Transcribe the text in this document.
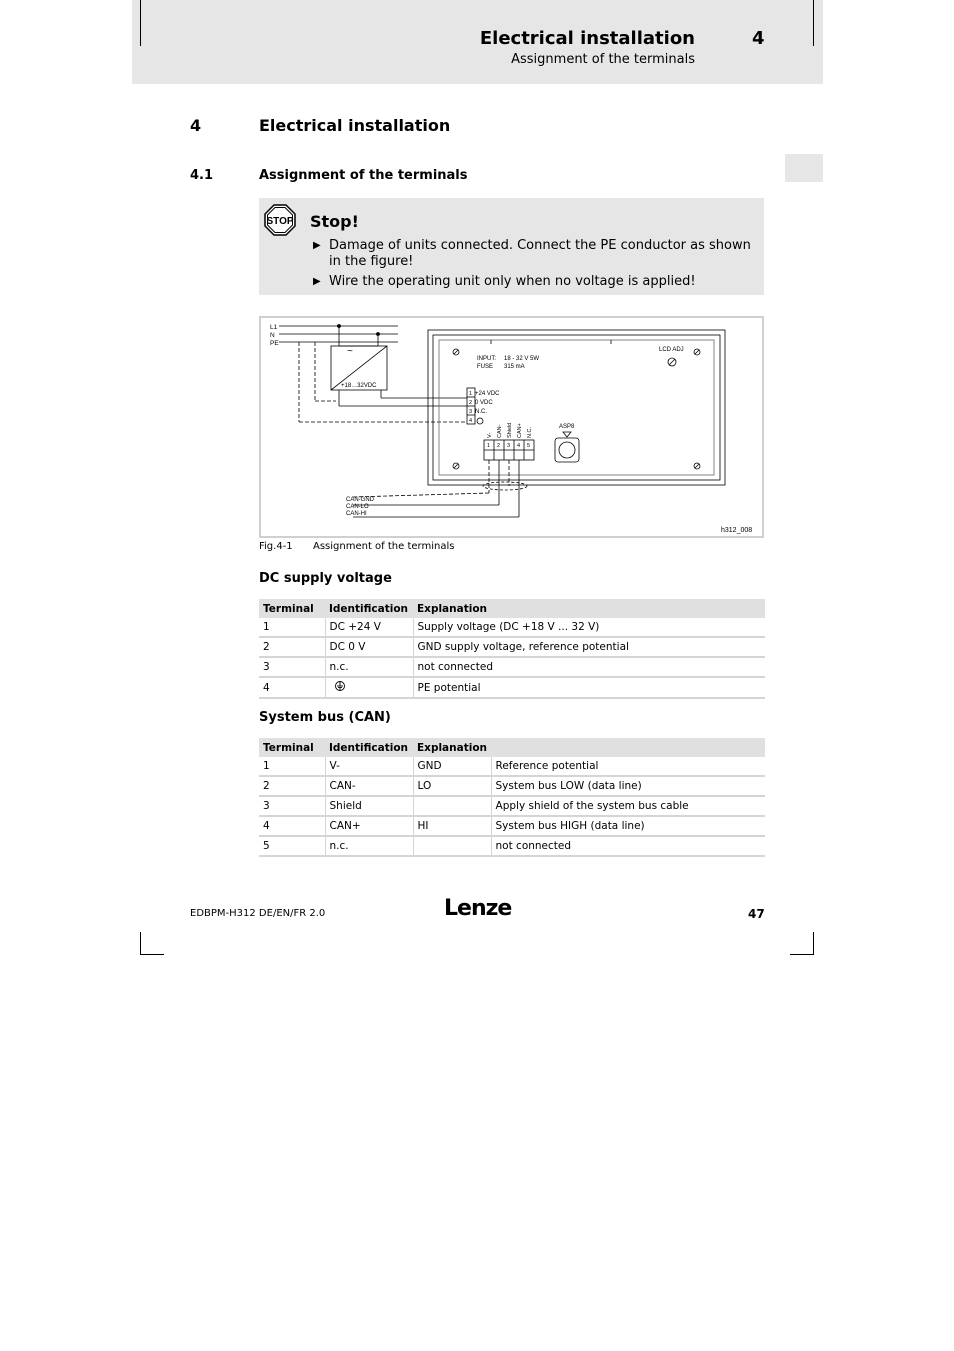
Electrical installation	4
Assignment of the terminals
4	Electrical installation
4.1	Assignment of the terminals
STOP Stop!
▶ Damage of units connected. Connect the PE conductor as shown in the figure!
▶ Wire the operating unit only when no voltage is applied!
L1
N
PE
~
+18…32VDC
INPUT: 18 - 32 V 5W
FUSE 315 mA
LCD ADJ
1
2
3
4
+24 VDC
0 VDC
N.C.
V- CAN- Shield CAN+ N.C.
1 2 3 4 5
ASP8
CAN-GND
CAN-LO
CAN-HI
h312_008
Fig.4-1 Assignment of the terminals
DC supply voltage
Terminal	Identification	Explanation
1	DC +24 V	Supply voltage (DC +18 V ... 32 V)
2	DC 0 V	GND supply voltage, reference potential
3	n.c.	not connected
4		PE potential
System bus (CAN)
Terminal	Identification	Explanation	
1	V-	GND	Reference potential
2	CAN-	LO	System bus LOW (data line)
3	Shield		Apply shield of the system bus cable
4	CAN+	HI	System bus HIGH (data line)
5	n.c.		not connected
EDBPM-H312 DE/EN/FR 2.0	Lenze	47
